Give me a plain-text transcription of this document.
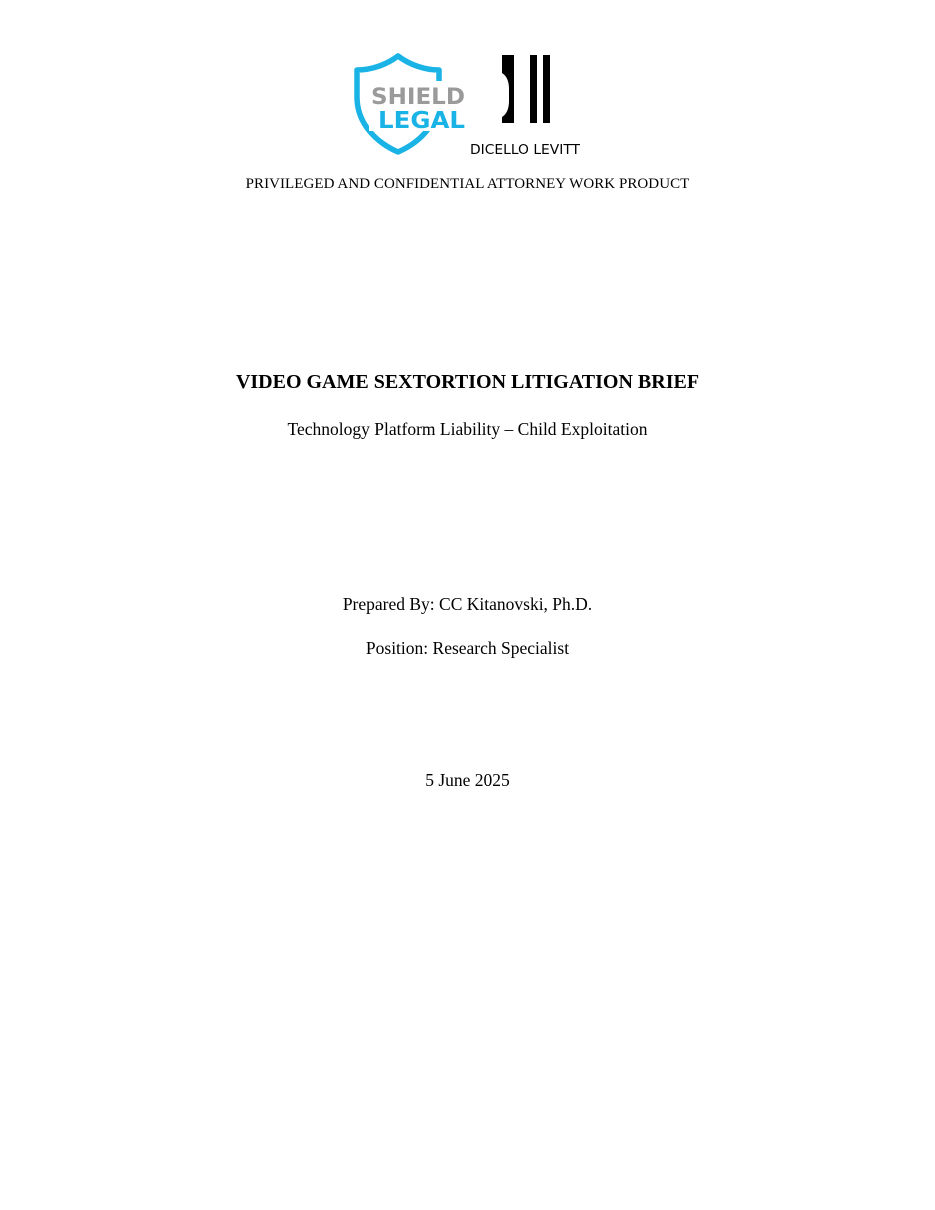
SHIELD
LEGAL
DICELLO LEVITT
PRIVILEGED AND CONFIDENTIAL ATTORNEY WORK PRODUCT
VIDEO GAME SEXTORTION LITIGATION BRIEF
Technology Platform Liability – Child Exploitation
Prepared By: CC Kitanovski, Ph.D.
Position: Research Specialist
5 June 2025
